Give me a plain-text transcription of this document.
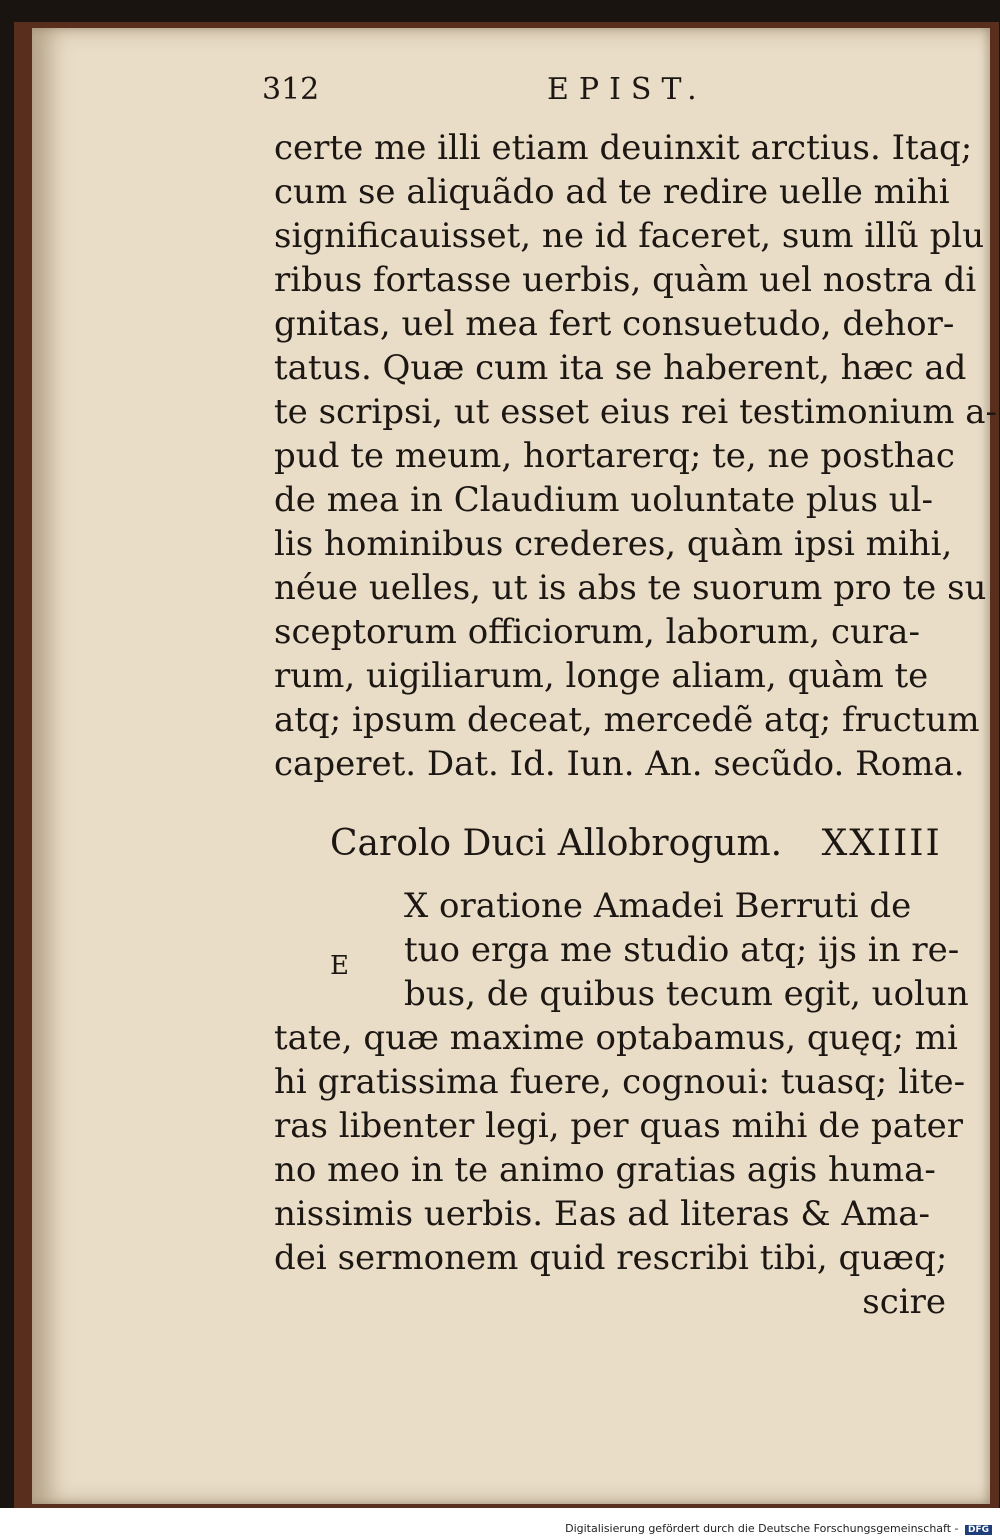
312	EPIST.
certe me illi etiam deuinxit arctius. Itaq;
cum se aliquãdo ad te redire uelle mihi
significauisset, ne id faceret, sum illũ plu
ribus fortasse uerbis, quàm uel nostra di
gnitas, uel mea fert consuetudo, dehor-
tatus. Quæ cum ita se haberent, hæc ad
te scripsi, ut esset eius rei testimonium a-
pud te meum, hortarerq; te, ne posthac
de mea in Claudium uoluntate plus ul-
lis hominibus crederes, quàm ipsi mihi,
néue uelles, ut is abs te suorum pro te su
sceptorum officiorum, laborum, cura-
rum, uigiliarum, longe aliam, quàm te
atq; ipsum deceat, mercedẽ atq; fructum
caperet. Dat. Id. Iun. An. secũdo. Roma.
Carolo Duci Allobrogum. XXIIII
E
X oratione Amadei Berruti de
tuo erga me studio atq; ijs in re-
bus, de quibus tecum egit, uolun
tate, quæ maxime optabamus, quęq; mi
hi gratissima fuere, cognoui: tuasq; lite-
ras libenter legi, per quas mihi de pater
no meo in te animo gratias agis huma-
nissimis uerbis. Eas ad literas & Ama-
dei sermonem quid rescribi tibi, quæq;
scire
Digitalisierung gefördert durch die Deutsche Forschungsgemeinschaft - DFG
